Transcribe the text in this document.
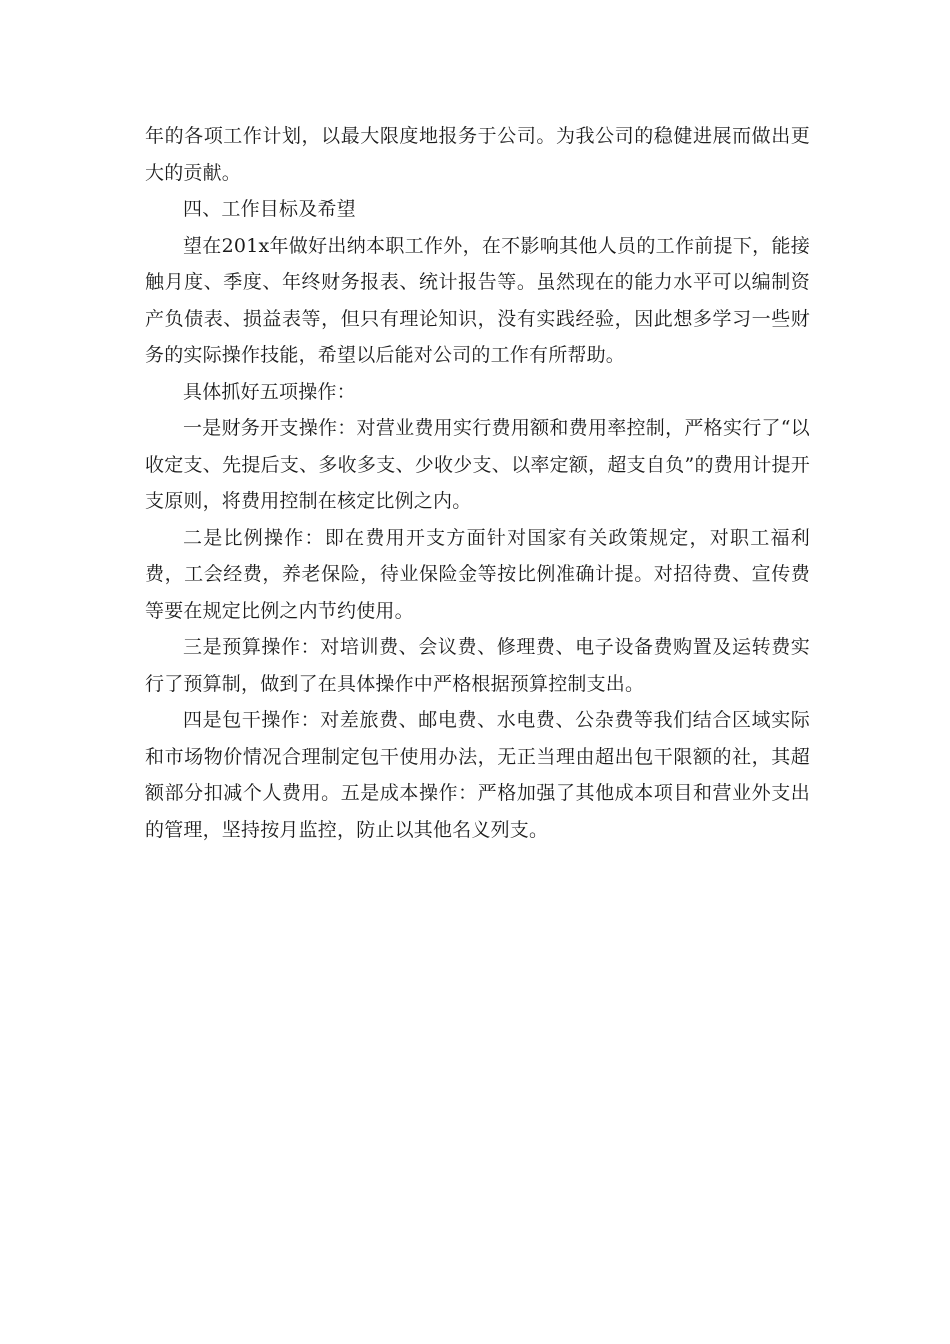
年的各项工作计划，以最大限度地报务于公司。为我公司的稳健进展而做出更大的贡献。

四、工作目标及希望

望在201x年做好出纳本职工作外，在不影响其他人员的工作前提下，能接触月度、季度、年终财务报表、统计报告等。虽然现在的能力水平可以编制资产负债表、损益表等，但只有理论知识，没有实践经验，因此想多学习一些财务的实际操作技能，希望以后能对公司的工作有所帮助。

具体抓好五项操作：

一是财务开支操作：对营业费用实行费用额和费用率控制，严格实行了“以收定支、先提后支、多收多支、少收少支、以率定额，超支自负”的费用计提开支原则，将费用控制在核定比例之内。

二是比例操作：即在费用开支方面针对国家有关政策规定，对职工福利费，工会经费，养老保险，待业保险金等按比例准确计提。对招待费、宣传费等要在规定比例之内节约使用。

三是预算操作：对培训费、会议费、修理费、电子设备费购置及运转费实行了预算制，做到了在具体操作中严格根据预算控制支出。

四是包干操作：对差旅费、邮电费、水电费、公杂费等我们结合区域实际和市场物价情况合理制定包干使用办法，无正当理由超出包干限额的社，其超额部分扣减个人费用。五是成本操作：严格加强了其他成本项目和营业外支出的管理，坚持按月监控，防止以其他名义列支。
